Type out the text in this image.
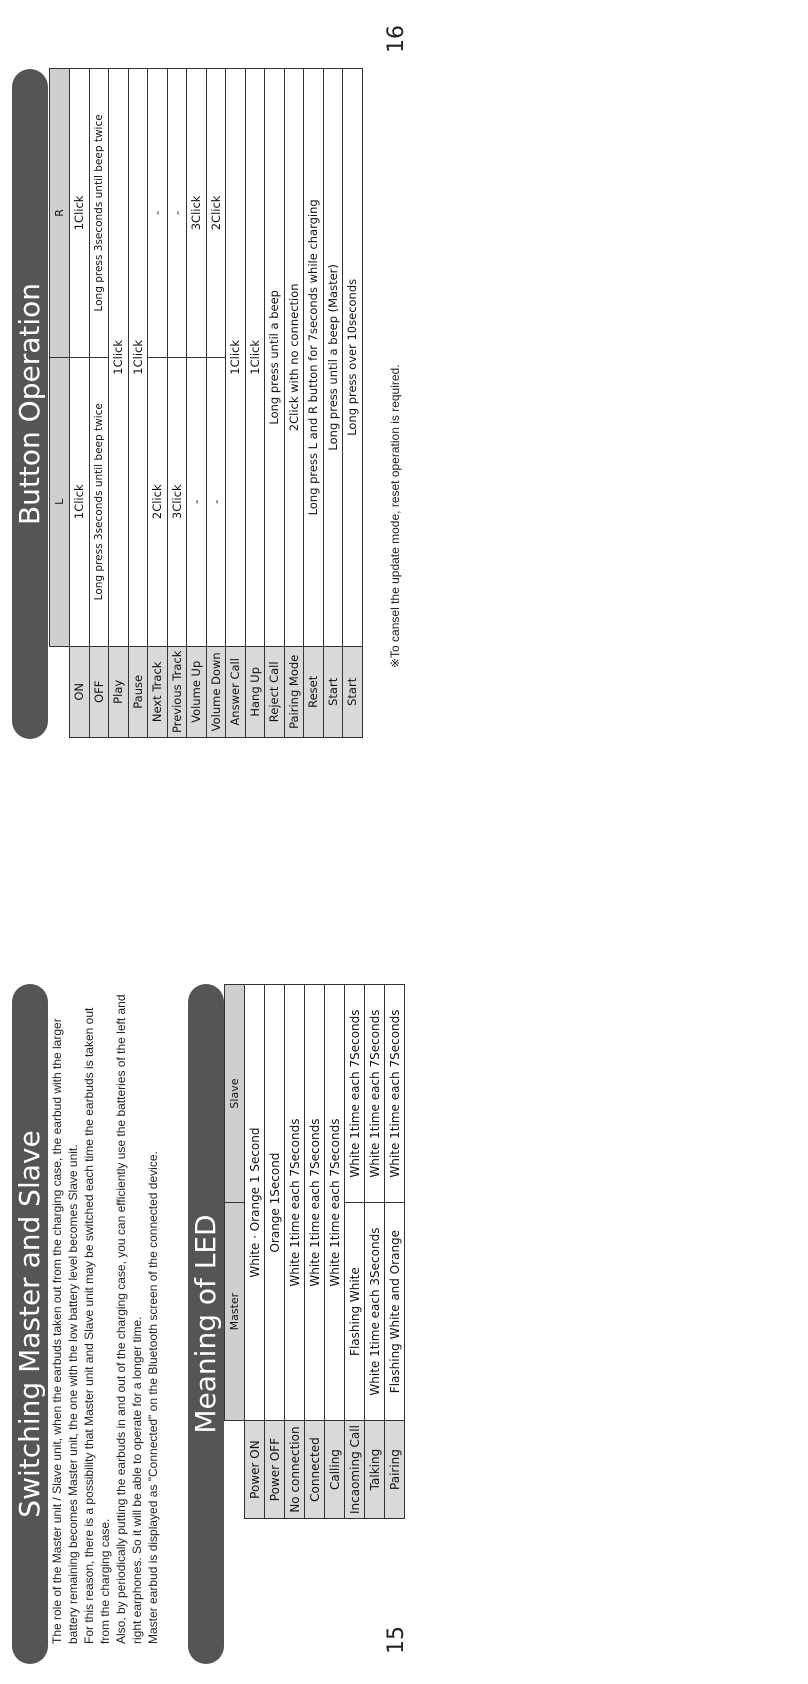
15
16
Switching Master and Slave The role of the Master unit / Slave unit, when the earbuds taken out from the charging case, the earbud with the larger battery remaining becomes Master unit, the one with the low battery level becomes Slave unit. For this reason, there is a possibility that Master unit and Slave unit may be switched each time the earbuds is taken out from the charging case. Also, by periodically putting the earbuds in and out of the charging case, you can efficiently use the batteries of the left and right earphones. So it will be able to operate for a longer time. Master earbud is displayed as "Connected" on the Bluetooth screen of the connected device. Meaning of LED
	Master	Slave
Power ON	White · Orange 1 Second	
Power OFF	Orange 1Second	
No connection	White 1time each 7Seconds	
Connected	White 1time each 7Seconds	
Calling	White 1time each 7Seconds	
Incaoming Call	Flashing White	White 1time each 7Seconds
Talking	White 1time each 3Seconds	White 1time each 7Seconds
Pairing	Flashing White and Orange	White 1time each 7Seconds
Button Operation
	L	R
ON	1Click	1Click
OFF	Long press 3seconds until beep twice	Long press 3seconds until beep twice
Play	1Click	
Pause	1Click	
Next Track	2Click	-
Previous Track	3Click	-
Volume Up	-	3Click
Volume Down	-	2Click
Answer Call	1Click	
Hang Up	1Click	
Reject Call	Long press until a beep	
Pairing Mode	2Click with no connection	
Reset	Long press L and R button for 7seconds while charging	
Start	Long press until a beep (Master)	
Start	Long press over 10seconds	
※To cansel the update mode, reset operation is required.
